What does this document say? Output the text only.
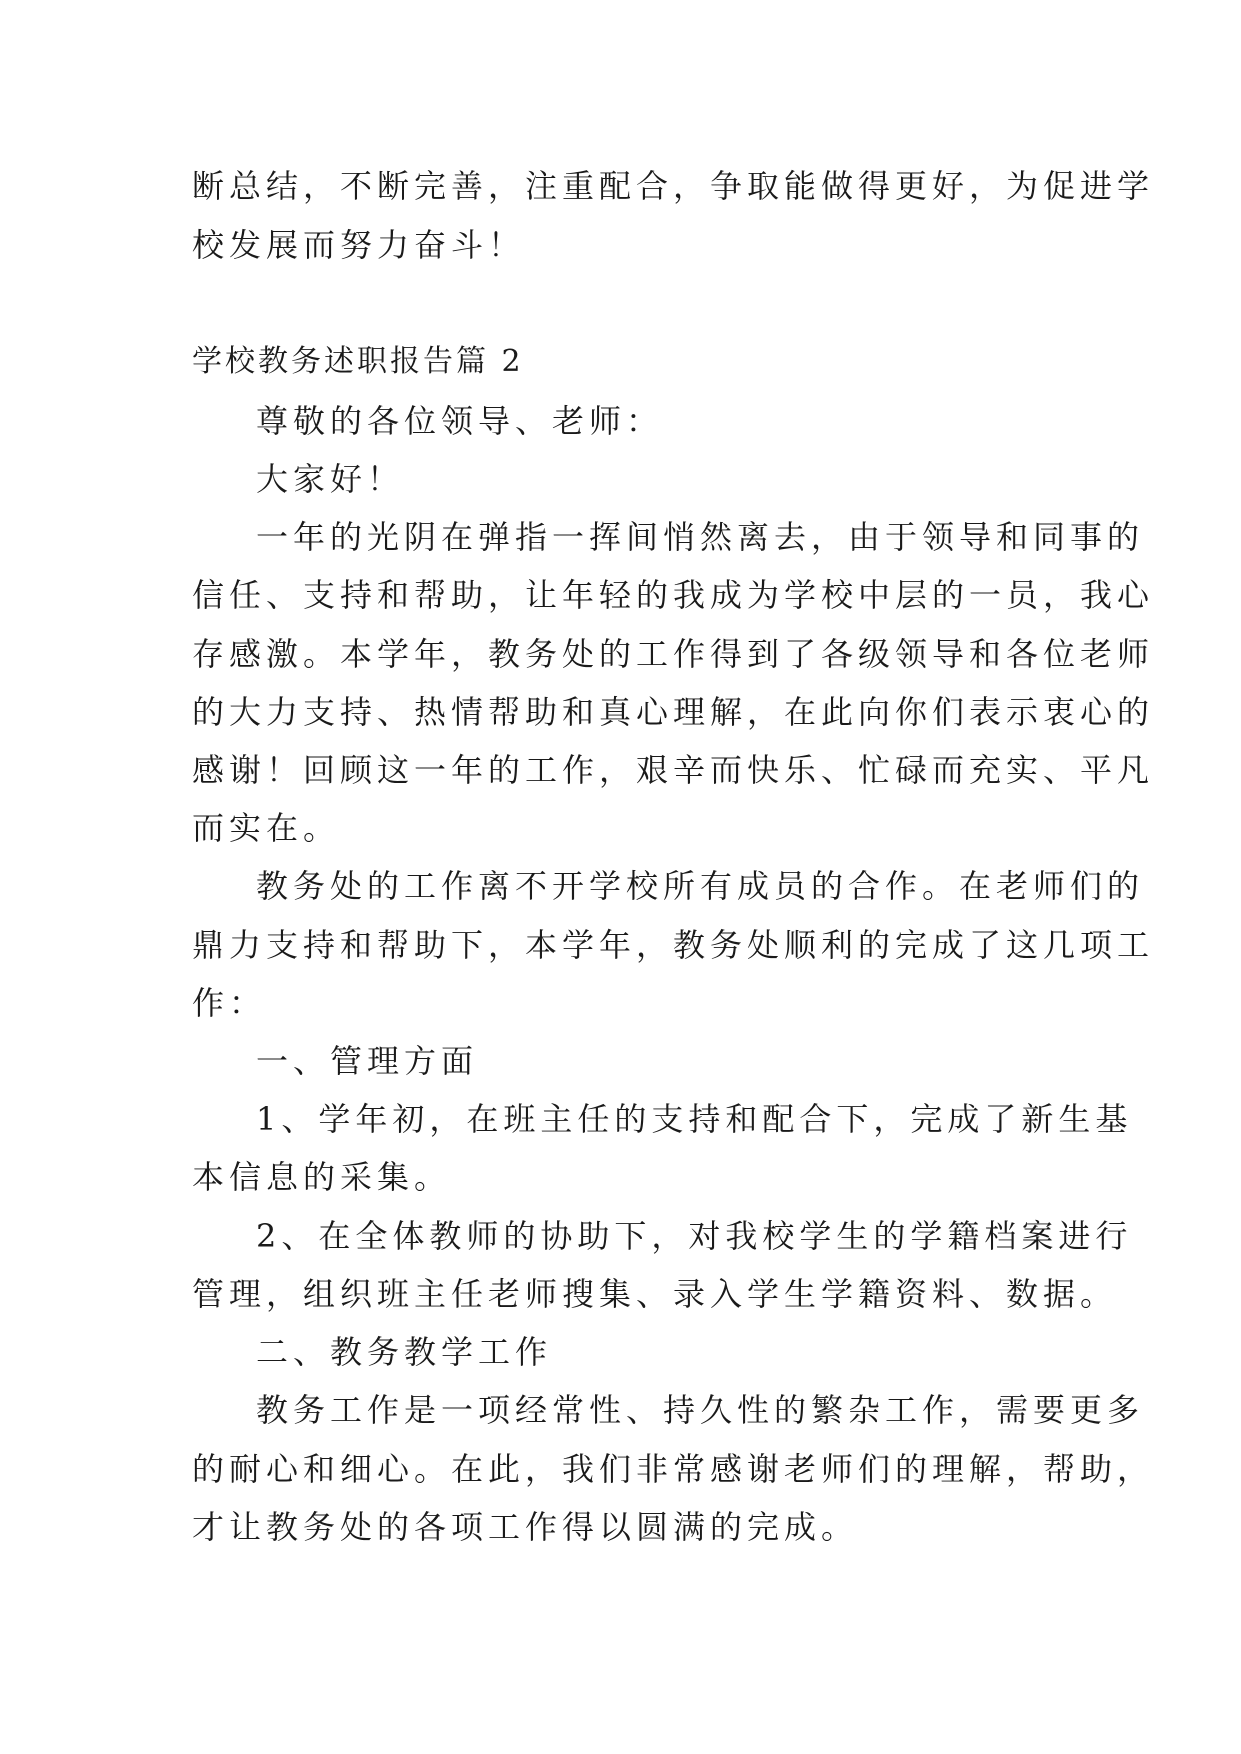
断总结，不断完善，注重配合，争取能做得更好，为促进学

校发展而努力奋斗！

学校教务述职报告篇 2

尊敬的各位领导、老师：

大家好！

一年的光阴在弹指一挥间悄然离去，由于领导和同事的

信任、支持和帮助，让年轻的我成为学校中层的一员，我心

存感激。本学年，教务处的工作得到了各级领导和各位老师

的大力支持、热情帮助和真心理解，在此向你们表示衷心的

感谢！回顾这一年的工作，艰辛而快乐、忙碌而充实、平凡

而实在。

教务处的工作离不开学校所有成员的合作。在老师们的

鼎力支持和帮助下，本学年，教务处顺利的完成了这几项工

作：

一、管理方面

1、学年初，在班主任的支持和配合下，完成了新生基

本信息的采集。

2、在全体教师的协助下，对我校学生的学籍档案进行

管理，组织班主任老师搜集、录入学生学籍资料、数据。

二、教务教学工作

教务工作是一项经常性、持久性的繁杂工作，需要更多

的耐心和细心。在此，我们非常感谢老师们的理解，帮助，

才让教务处的各项工作得以圆满的完成。
